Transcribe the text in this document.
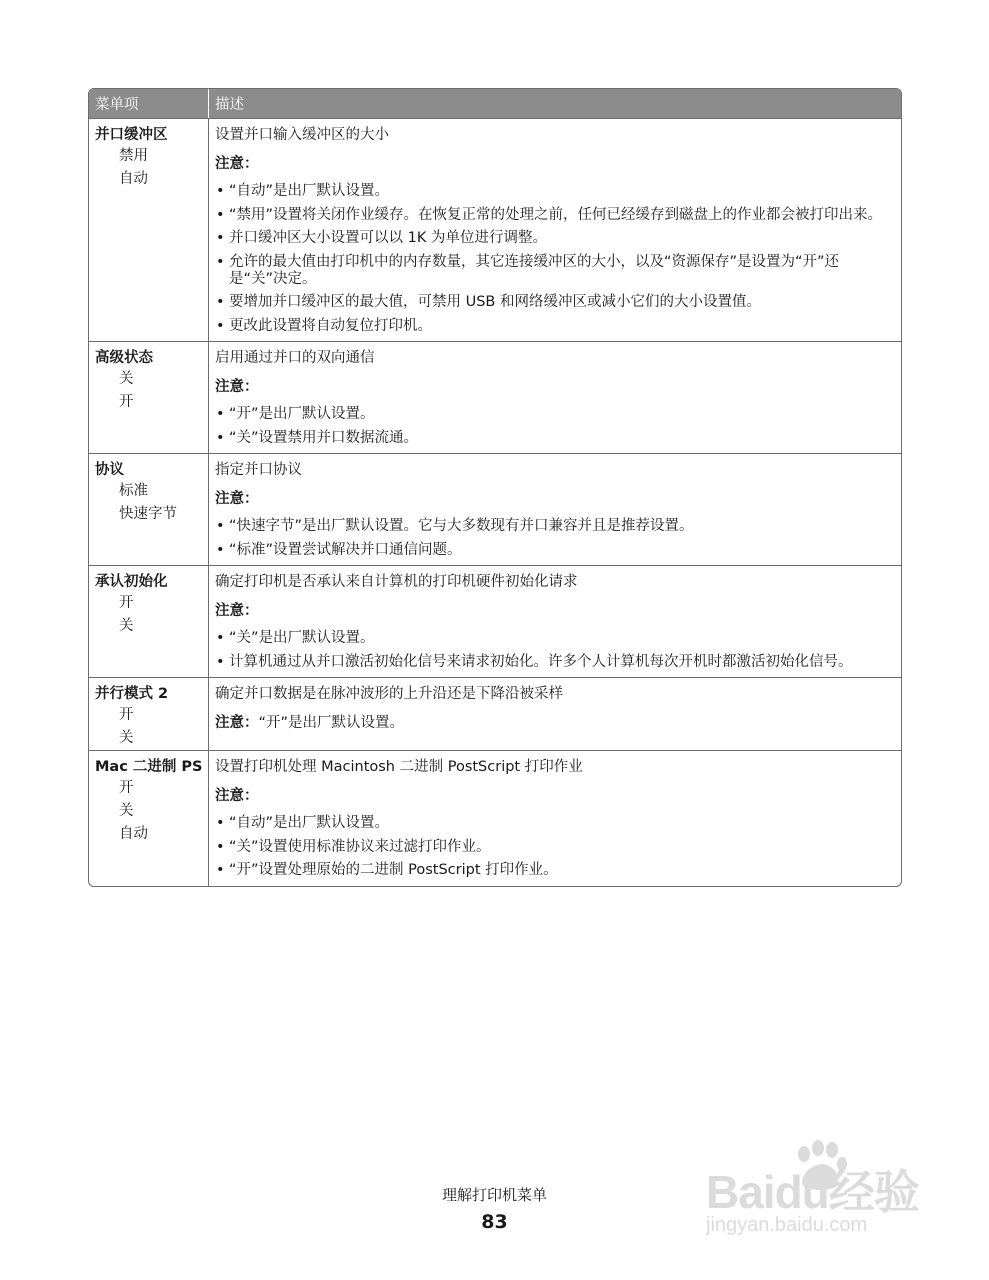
菜单项	描述
并口缓冲区
禁用
自动
设置并口输入缓冲区的大小
注意：
• “自动”是出厂默认设置。
• “禁用”设置将关闭作业缓存。在恢复正常的处理之前，任何已经缓存到磁盘上的作业都会被打印出来。
• 并口缓冲区大小设置可以以 1K 为单位进行调整。
• 允许的最大值由打印机中的内存数量，其它连接缓冲区的大小，以及“资源保存”是设置为“开”还是“关”决定。
• 要增加并口缓冲区的最大值，可禁用 USB 和网络缓冲区或减小它们的大小设置值。
• 更改此设置将自动复位打印机。
高级状态
关
开
启用通过并口的双向通信
注意：
• “开”是出厂默认设置。
• “关”设置禁用并口数据流通。
协议
标准
快速字节
指定并口协议
注意：
• “快速字节”是出厂默认设置。它与大多数现有并口兼容并且是推荐设置。
• “标准”设置尝试解决并口通信问题。
承认初始化
开
关
确定打印机是否承认来自计算机的打印机硬件初始化请求
注意：
• “关”是出厂默认设置。
• 计算机通过从并口激活初始化信号来请求初始化。许多个人计算机每次开机时都激活初始化信号。
并行模式 2
开
关
确定并口数据是在脉冲波形的上升沿还是下降沿被采样
注意：“开”是出厂默认设置。
Mac 二进制 PS
开
关
自动
设置打印机处理 Macintosh 二进制 PostScript 打印作业
注意：
• “自动”是出厂默认设置。
• “关”设置使用标准协议来过滤打印作业。
• “开”设置处理原始的二进制 PostScript 打印作业。
理解打印机菜单
83
Baidu经验
jingyan.baidu.com
